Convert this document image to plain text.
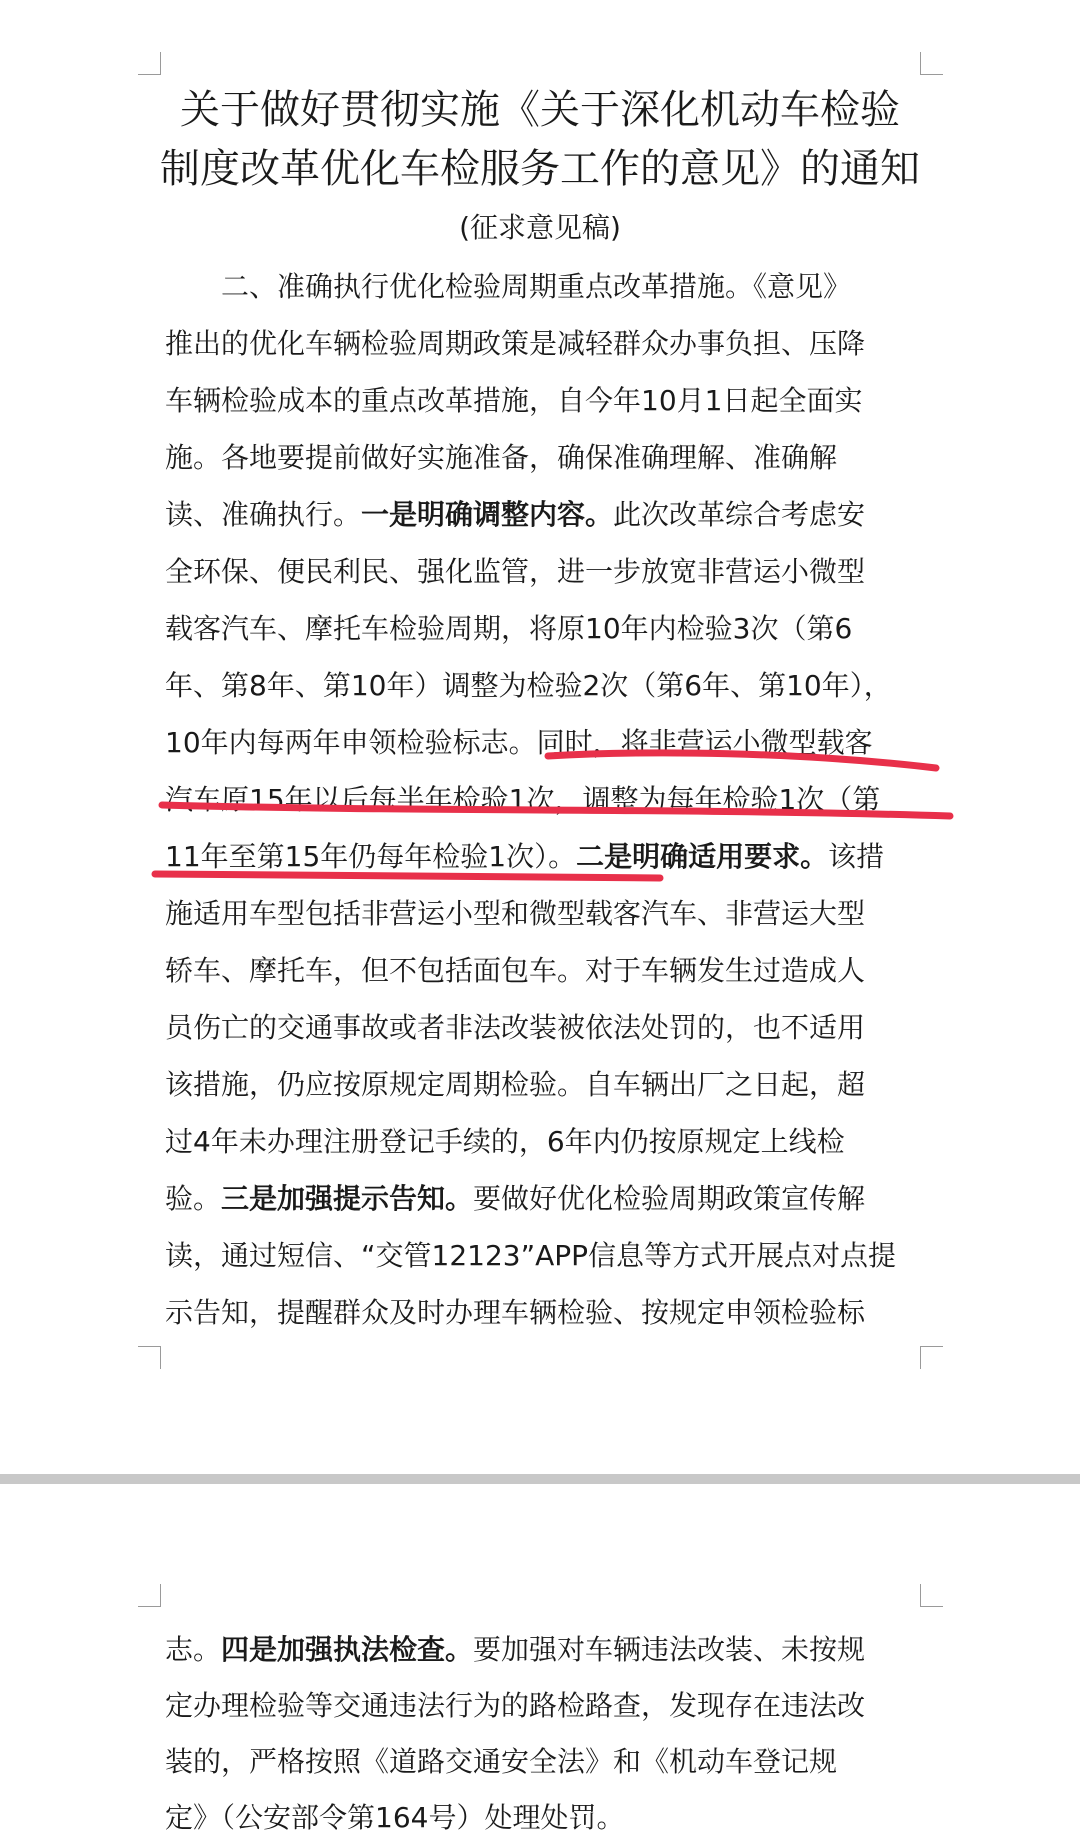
关于做好贯彻实施《关于深化机动车检验
制度改革优化车检服务工作的意见》的通知
(征求意见稿)
二、准确执行优化检验周期重点改革措施。《意见》
推出的优化车辆检验周期政策是减轻群众办事负担、压降
车辆检验成本的重点改革措施，自今年10月1日起全面实
施。各地要提前做好实施准备，确保准确理解、准确解
读、准确执行。一是明确调整内容。此次改革综合考虑安
全环保、便民利民、强化监管，进一步放宽非营运小微型
载客汽车、摩托车检验周期，将原10年内检验3次（第6
年、第8年、第10年）调整为检验2次（第6年、第10年），
10年内每两年申领检验标志。同时，将非营运小微型载客
汽车原15年以后每半年检验1次，调整为每年检验1次（第
11年至第15年仍每年检验1次）。二是明确适用要求。该措
施适用车型包括非营运小型和微型载客汽车、非营运大型
轿车、摩托车，但不包括面包车。对于车辆发生过造成人
员伤亡的交通事故或者非法改装被依法处罚的，也不适用
该措施，仍应按原规定周期检验。自车辆出厂之日起，超
过4年未办理注册登记手续的，6年内仍按原规定上线检
验。三是加强提示告知。要做好优化检验周期政策宣传解
读，通过短信、“交管12123”APP信息等方式开展点对点提
示告知，提醒群众及时办理车辆检验、按规定申领检验标
志。四是加强执法检查。要加强对车辆违法改装、未按规
定办理检验等交通违法行为的路检路查，发现存在违法改
装的，严格按照《道路交通安全法》和《机动车登记规
定》（公安部令第164号）处理处罚。
